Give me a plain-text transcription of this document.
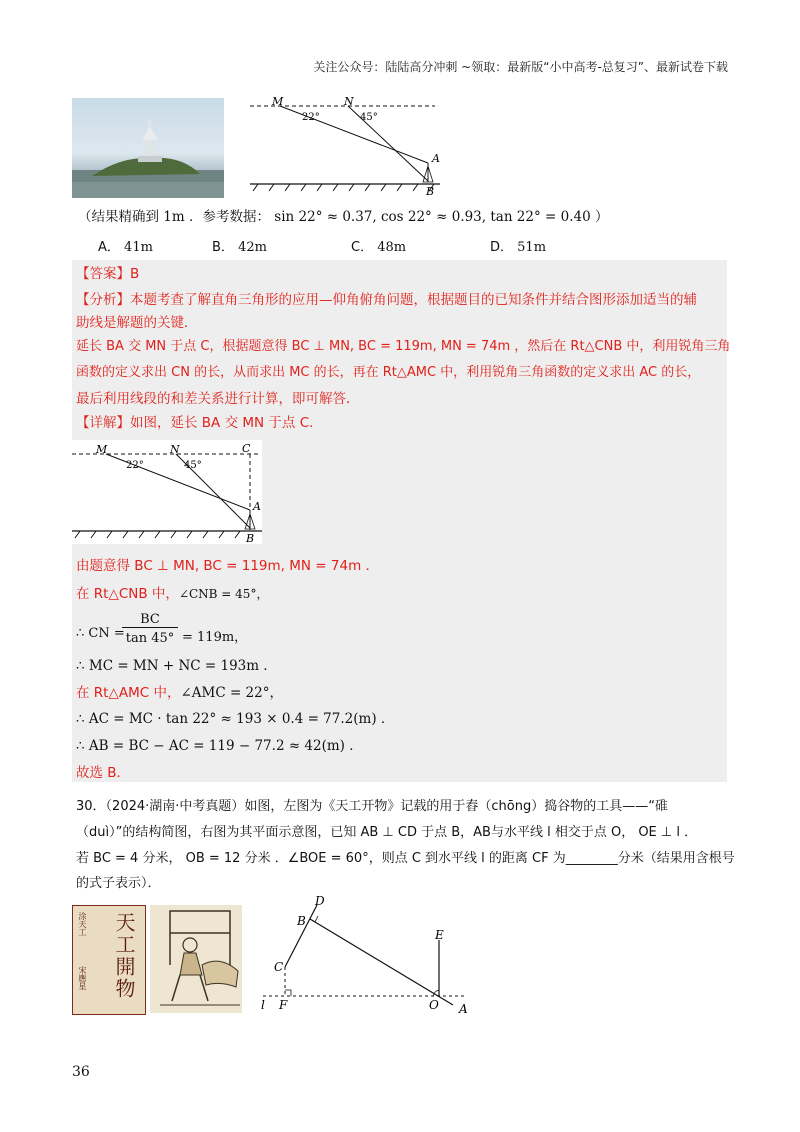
关注公众号：陆陆高分冲刺 ~领取：最新版“小中高考-总复习”、最新试卷下载
M	N
A
B
22°	45°
（结果精确到 1m ．参考数据： sin 22° ≈ 0.37, cos 22° ≈ 0.93, tan 22° = 0.40 ）
A． 41m	B． 42m	C． 48m	D． 51m
【答案】B
【分析】本题考查了解直角三角形的应用—仰角俯角问题，根据题目的已知条件并结合图形添加适当的辅
助线是解题的关键．
延长 BA 交 MN 于点 C，根据题意得 BC ⊥ MN, BC = 119m, MN = 74m ，然后在 Rt△CNB 中，利用锐角三角
函数的定义求出 CN 的长，从而求出 MC 的长，再在 Rt△AMC 中，利用锐角三角函数的定义求出 AC 的长，
最后利用线段的和差关系进行计算，即可解答．
【详解】如图，延长 BA 交 MN 于点 C．
M	N	C
A
B
22°	45°
由题意得 BC ⊥ MN, BC = 119m, MN = 74m ．
在 Rt△CNB 中，∠CNB = 45°，
∴ CN =
BC
tan 45° = 119m，
∴ MC = MN + NC = 193m ．
在 Rt△AMC 中，∠AMC = 22°，
∴ AC = MC · tan 22° ≈ 193 × 0.4 = 77.2(m) ．
∴ AB = BC − AC = 119 − 77.2 ≈ 42(m) ．
故选 B．
30．（2024·湖南·中考真题）如图，左图为《天工开物》记载的用于舂（chōng）捣谷物的工具——“碓
（duì）”的结构简图，右图为其平面示意图，已知 AB ⊥ CD 于点 B，AB与水平线 l 相交于点 O， OE ⊥ l ．
若 BC = 4 分米， OB = 12 分米 ．∠BOE = 60°，则点 C 到水平线 l 的距离 CF 为________分米（结果用含根号
的式子表示）．
天工開物
涂天工
宋應星
D
B
E
C
l F	O A
36
